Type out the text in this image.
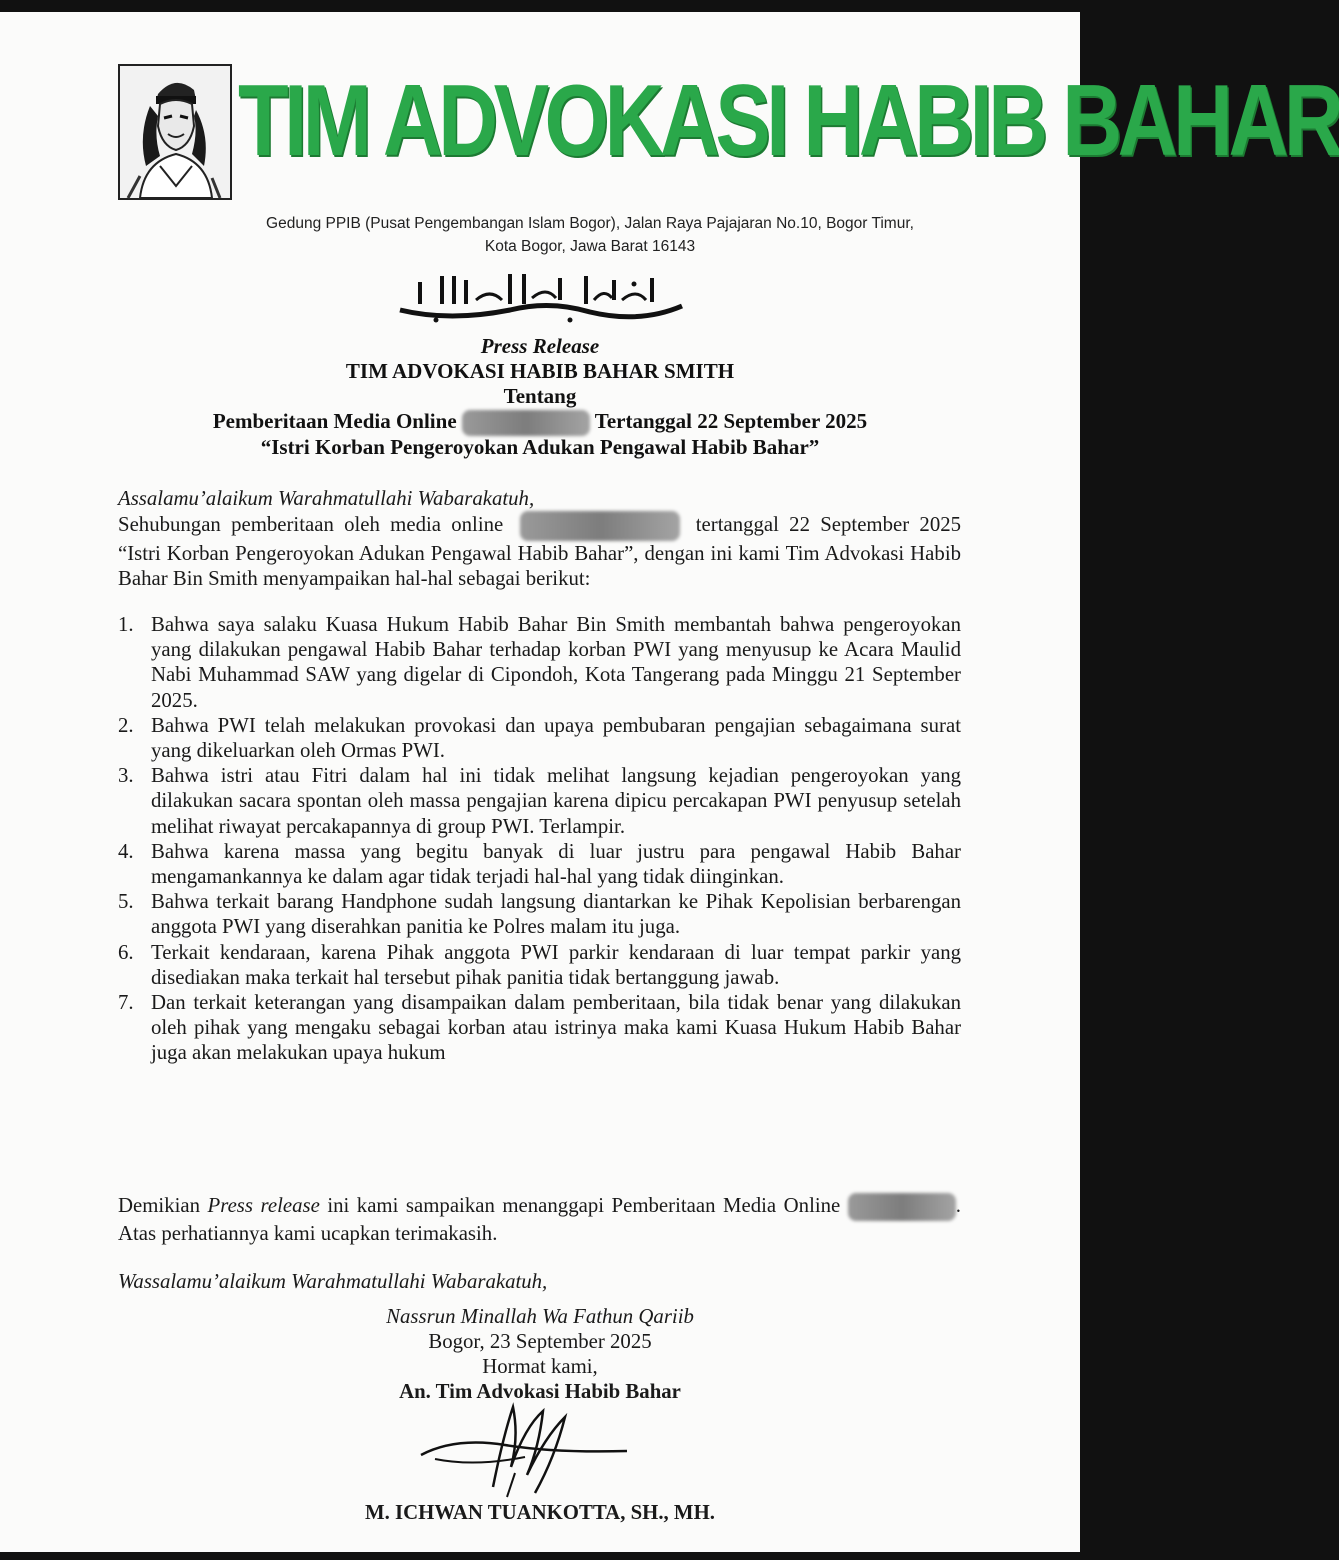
TIM ADVOKASI HABIB BAHAR
Gedung PPIB (Pusat Pengembangan Islam Bogor), Jalan Raya Pajajaran No.10, Bogor Timur,
Kota Bogor, Jawa Barat 16143
Press Release
TIM ADVOKASI HABIB BAHAR SMITH
Tentang
Pemberitaan Media Online	Tertanggal 22 September 2025
“Istri Korban Pengeroyokan Adukan Pengawal Habib Bahar”
Assalamu’alaikum Warahmatullahi Wabarakatuh,
Sehubungan pemberitaan oleh media online	tertanggal 22 September 2025 “Istri Korban Pengeroyokan Adukan Pengawal Habib Bahar”, dengan ini kami Tim Advokasi Habib Bahar Bin Smith menyampaikan hal-hal sebagai berikut:
1. Bahwa saya salaku Kuasa Hukum Habib Bahar Bin Smith membantah bahwa pengeroyokan yang dilakukan pengawal Habib Bahar terhadap korban PWI yang menyusup ke Acara Maulid Nabi Muhammad SAW yang digelar di Cipondoh, Kota Tangerang pada Minggu 21 September 2025.
2. Bahwa PWI telah melakukan provokasi dan upaya pembubaran pengajian sebagaimana surat yang dikeluarkan oleh Ormas PWI.
3. Bahwa istri atau Fitri dalam hal ini tidak melihat langsung kejadian pengeroyokan yang dilakukan sacara spontan oleh massa pengajian karena dipicu percakapan PWI penyusup setelah melihat riwayat percakapannya di group PWI. Terlampir.
4. Bahwa karena massa yang begitu banyak di luar justru para pengawal Habib Bahar mengamankannya ke dalam agar tidak terjadi hal-hal yang tidak diinginkan.
5. Bahwa terkait barang Handphone sudah langsung diantarkan ke Pihak Kepolisian berbarengan anggota PWI yang diserahkan panitia ke Polres malam itu juga.
6. Terkait kendaraan, karena Pihak anggota PWI parkir kendaraan di luar tempat parkir yang disediakan maka terkait hal tersebut pihak panitia tidak bertanggung jawab.
7. Dan terkait keterangan yang disampaikan dalam pemberitaan, bila tidak benar yang dilakukan oleh pihak yang mengaku sebagai korban atau istrinya maka kami Kuasa Hukum Habib Bahar juga akan melakukan upaya hukum
Demikian Press release ini kami sampaikan menanggapi Pemberitaan Media Online	. Atas perhatiannya kami ucapkan terimakasih.
Wassalamu’alaikum Warahmatullahi Wabarakatuh,
Nassrun Minallah Wa Fathun Qariib
Bogor, 23 September 2025
Hormat kami,
An. Tim Advokasi Habib Bahar
M. ICHWAN TUANKOTTA, SH., MH.
